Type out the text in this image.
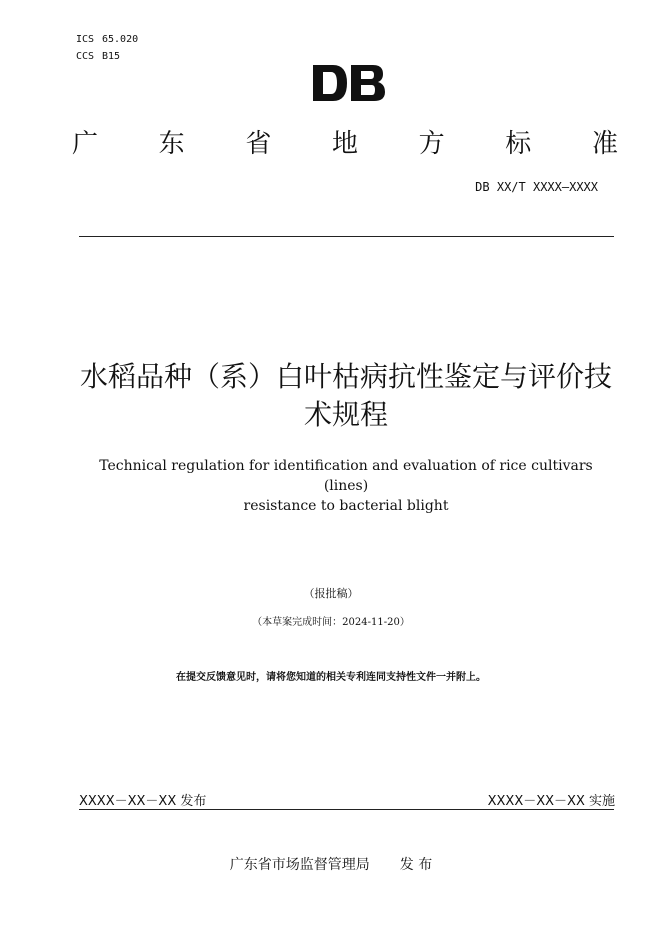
ICS 65.020
CCS B15
广 东 省 地 方 标 准
DB XX/T XXXX—XXXX
水稻品种（系）白叶枯病抗性鉴定与评价技
术规程
Technical regulation for identification and evaluation of rice cultivars (lines)
resistance to bacterial blight
（报批稿）
（本草案完成时间：2024-11-20）
在提交反馈意见时，请将您知道的相关专利连同支持性文件一并附上。
XXXX－XX－XX 发布	XXXX－XX－XX 实施
广东省市场监督管理局 发 布
